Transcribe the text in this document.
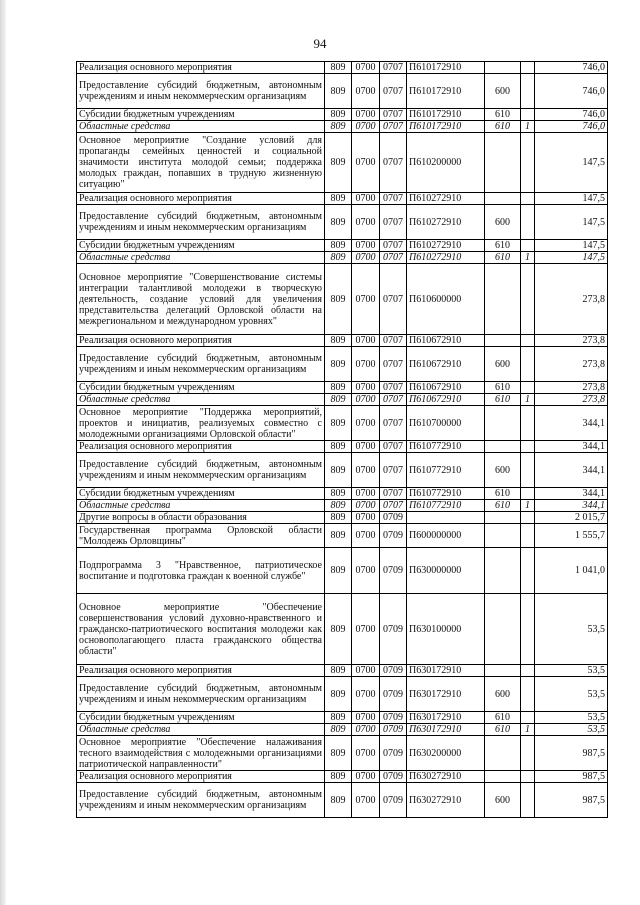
94
Реализация основного мероприятия	809	0700	0707	П610172910			746,0
Предоставление субсидий бюджетным, автономным учреждениям и иным некоммерческим организациям	809	0700	0707	П610172910	600		746,0
Субсидии бюджетным учреждениям	809	0700	0707	П610172910	610		746,0
Областные средства	809	0700	0707	П610172910	610	1	746,0
Основное мероприятие "Создание условий для пропаганды семейных ценностей и социальной значимости института молодой семьи; поддержка молодых граждан, попавших в трудную жизненную ситуацию"	809	0700	0707	П610200000			147,5
Реализация основного мероприятия	809	0700	0707	П610272910			147,5
Предоставление субсидий бюджетным, автономным учреждениям и иным некоммерческим организациям	809	0700	0707	П610272910	600		147,5
Субсидии бюджетным учреждениям	809	0700	0707	П610272910	610		147,5
Областные средства	809	0700	0707	П610272910	610	1	147,5
Основное мероприятие "Совершенствование системы интеграции талантливой молодежи в творческую деятельность, создание условий для увеличения представительства делегаций Орловской области на межрегиональном и международном уровнях"	809	0700	0707	П610600000			273,8
Реализация основного мероприятия	809	0700	0707	П610672910			273,8
Предоставление субсидий бюджетным, автономным учреждениям и иным некоммерческим организациям	809	0700	0707	П610672910	600		273,8
Субсидии бюджетным учреждениям	809	0700	0707	П610672910	610		273,8
Областные средства	809	0700	0707	П610672910	610	1	273,8
Основное мероприятие "Поддержка мероприятий, проектов и инициатив, реализуемых совместно с молодежными организациями Орловской области"	809	0700	0707	П610700000			344,1
Реализация основного мероприятия	809	0700	0707	П610772910			344,1
Предоставление субсидий бюджетным, автономным учреждениям и иным некоммерческим организациям	809	0700	0707	П610772910	600		344,1
Субсидии бюджетным учреждениям	809	0700	0707	П610772910	610		344,1
Областные средства	809	0700	0707	П610772910	610	1	344,1
Другие вопросы в области образования	809	0700	0709				2 015,7
Государственная программа Орловской области "Молодежь Орловщины"	809	0700	0709	П600000000			1 555,7
Подпрограмма 3 "Нравственное, патриотическое воспитание и подготовка граждан к военной службе"	809	0700	0709	П630000000			1 041,0
Основное мероприятие "Обеспечение совершенствования условий духовно-нравственного и гражданско-патриотического воспитания молодежи как основополагающего пласта гражданского общества области"	809	0700	0709	П630100000			53,5
Реализация основного мероприятия	809	0700	0709	П630172910			53,5
Предоставление субсидий бюджетным, автономным учреждениям и иным некоммерческим организациям	809	0700	0709	П630172910	600		53,5
Субсидии бюджетным учреждениям	809	0700	0709	П630172910	610		53,5
Областные средства	809	0700	0709	П630172910	610	1	53,5
Основное мероприятие "Обеспечение налаживания тесного взаимодействия с молодежными организациями патриотической направленности"	809	0700	0709	П630200000			987,5
Реализация основного мероприятия	809	0700	0709	П630272910			987,5
Предоставление субсидий бюджетным, автономным учреждениям и иным некоммерческим организациям	809	0700	0709	П630272910	600		987,5
